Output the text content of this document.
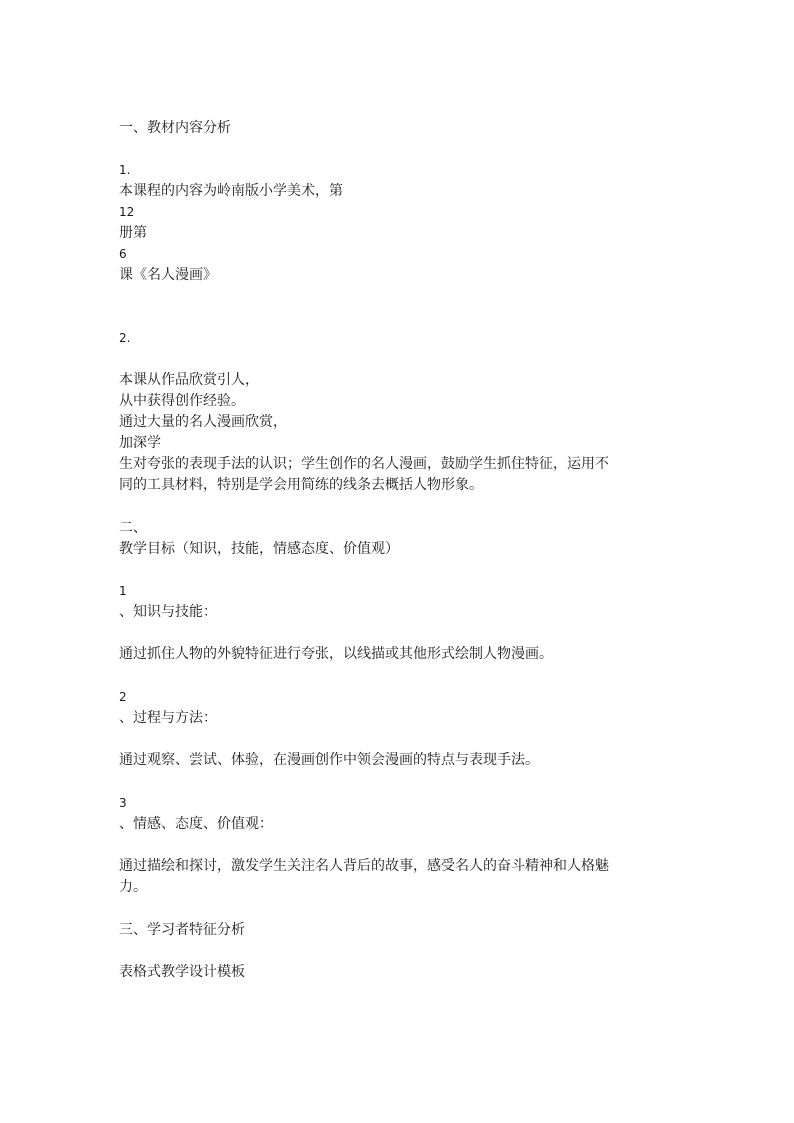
一、教材内容分析
1.
本课程的内容为岭南版小学美术，第
12
册第
6
课《名人漫画》
2.
本课从作品欣赏引人，
从中获得创作经验。
通过大量的名人漫画欣赏，
加深学
生对夸张的表现手法的认识；学生创作的名人漫画，鼓励学生抓住特征，运用不
同的工具材料，特别是学会用简练的线条去概括人物形象。
二、
教学目标（知识，技能，情感态度、价值观）
1
、知识与技能：
通过抓住人物的外貌特征进行夸张，以线描或其他形式绘制人物漫画。
2
、过程与方法：
通过观察、尝试、体验，在漫画创作中领会漫画的特点与表现手法。
3
、情感、态度、价值观：
通过描绘和探讨，激发学生关注名人背后的故事，感受名人的奋斗精神和人格魅
力。
三、学习者特征分析
表格式教学设计模板
